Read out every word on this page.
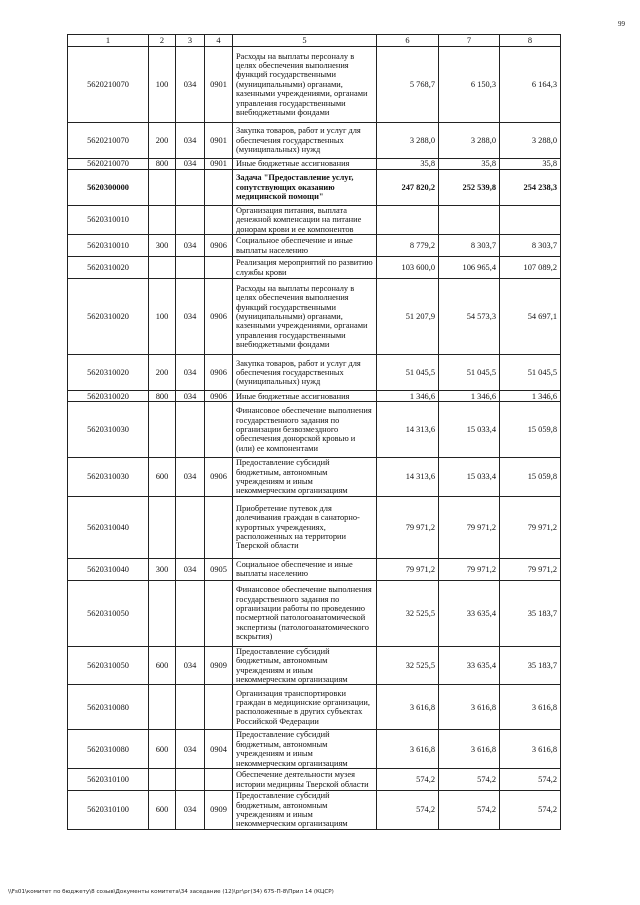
99
1	2	3	4	5	6	7	8
5620210070	100	034	0901	Расходы на выплаты персоналу в целях обеспечения выполнения функций государственными (муниципальными) органами, казенными учреждениями, органами управления государственными внебюджетными фондами	5 768,7	6 150,3	6 164,3
5620210070	200	034	0901	Закупка товаров, работ и услуг для обеспечения государственных (муниципальных) нужд	3 288,0	3 288,0	3 288,0
5620210070	800	034	0901	Иные бюджетные ассигнования	35,8	35,8	35,8
5620300000				Задача "Предоставление услуг, сопутствующих оказанию медицинской помощи"	247 820,2	252 539,8	254 238,3
5620310010				Организация питания, выплата денежной компенсации на питание донорам крови и ее компонентов			
5620310010	300	034	0906	Социальное обеспечение и иные выплаты населению	8 779,2	8 303,7	8 303,7
5620310020				Реализация мероприятий по развитию службы крови	103 600,0	106 965,4	107 089,2
5620310020	100	034	0906	Расходы на выплаты персоналу в целях обеспечения выполнения функций государственными (муниципальными) органами, казенными учреждениями, органами управления государственными внебюджетными фондами	51 207,9	54 573,3	54 697,1
5620310020	200	034	0906	Закупка товаров, работ и услуг для обеспечения государственных (муниципальных) нужд	51 045,5	51 045,5	51 045,5
5620310020	800	034	0906	Иные бюджетные ассигнования	1 346,6	1 346,6	1 346,6
5620310030				Финансовое обеспечение выполнения государственного задания по организации безвозмездного обеспечения донорской кровью и (или) ее компонентами	14 313,6	15 033,4	15 059,8
5620310030	600	034	0906	Предоставление субсидий бюджетным, автономным учреждениям и иным некоммерческим организациям	14 313,6	15 033,4	15 059,8
5620310040				Приобретение путевок для долечивания граждан в санаторно-курортных учреждениях, расположенных на территории Тверской области	79 971,2	79 971,2	79 971,2
5620310040	300	034	0905	Социальное обеспечение и иные выплаты населению	79 971,2	79 971,2	79 971,2
5620310050				Финансовое обеспечение выполнения государственного задания по организации работы по проведению посмертной патологоанатомической экспертизы (патологоанатомического вскрытия)	32 525,5	33 635,4	35 183,7
5620310050	600	034	0909	Предоставление субсидий бюджетным, автономным учреждениям и иным некоммерческим организациям	32 525,5	33 635,4	35 183,7
5620310080				Организация транспортировки граждан в медицинские организации, расположенные в других субъектах Российской Федерации	3 616,8	3 616,8	3 616,8
5620310080	600	034	0904	Предоставление субсидий бюджетным, автономным учреждениям и иным некоммерческим организациям	3 616,8	3 616,8	3 616,8
5620310100				Обеспечение деятельности музея истории медицины Тверской области	574,2	574,2	574,2
5620310100	600	034	0909	Предоставление субсидий бюджетным, автономным учреждениям и иным некоммерческим организациям	574,2	574,2	574,2
\\Fs01\комитет по бюджету\8 созыв\Документы комитета\34 заседание (12)\рг\рг(34) 675-П-8\Прил 14 (КЦСР)
